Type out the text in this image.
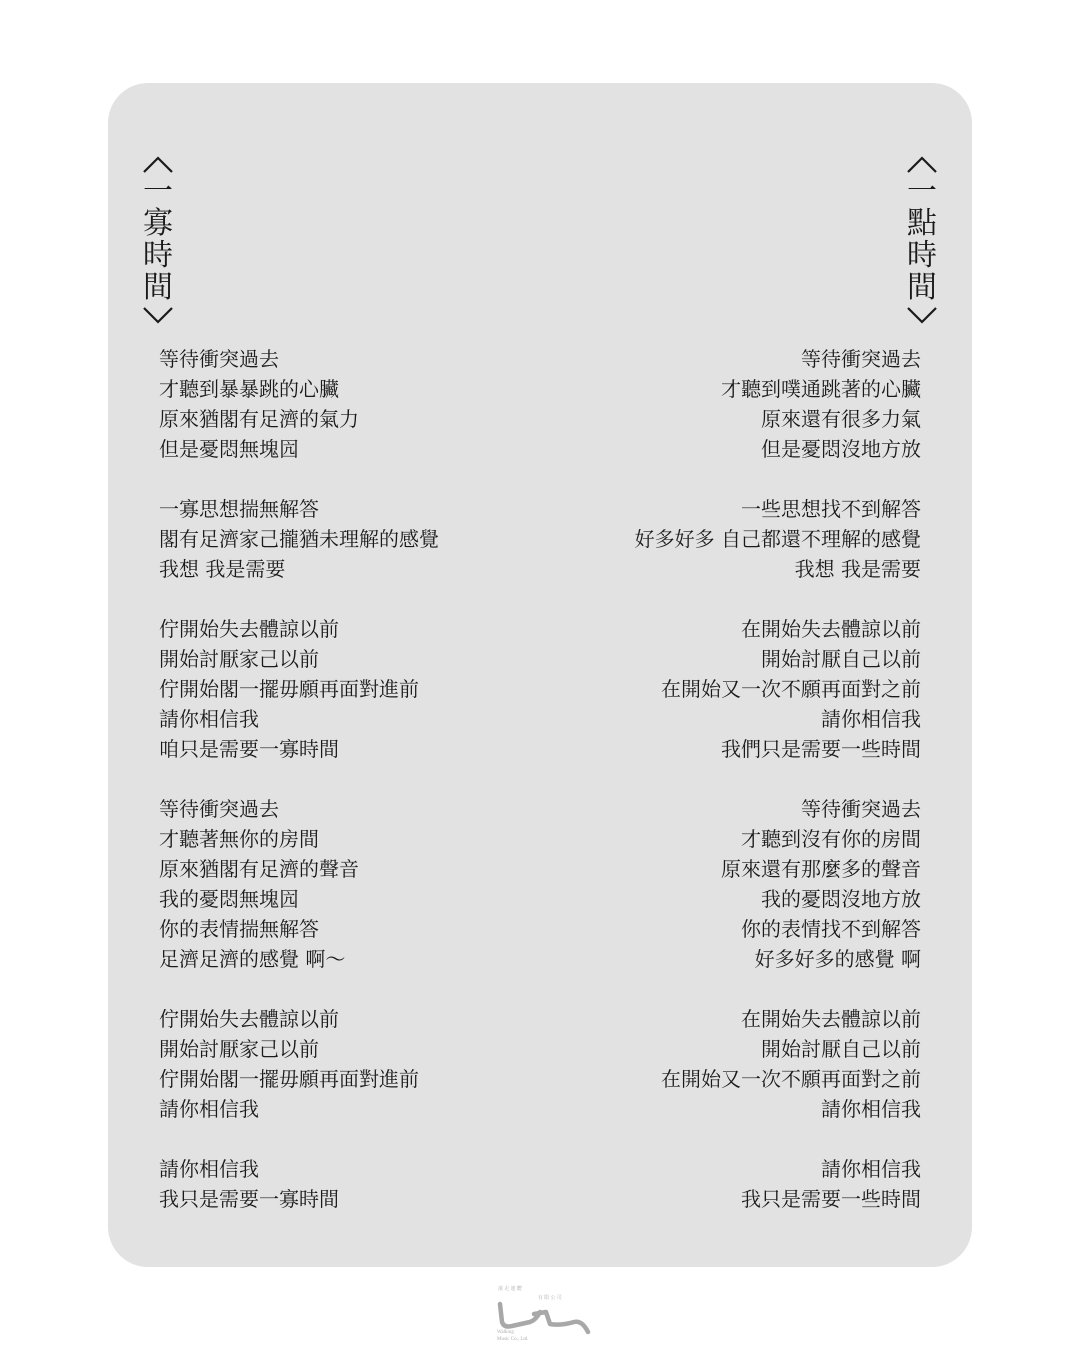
一
寡
時
間
一
點
時
間
等待衝突過去
才聽到暴暴跳的心臟
原來猶閣有足濟的氣力
但是憂悶無塊囥
一寡思想揣無解答
閣有足濟家己攏猶未理解的感覺
我想 我是需要
佇開始失去體諒以前
開始討厭家己以前
佇開始閣一擺毋願再面對進前
請你相信我
咱只是需要一寡時間
等待衝突過去
才聽著無你的房間
原來猶閣有足濟的聲音
我的憂悶無塊囥
你的表情揣無解答
足濟足濟的感覺 啊～
佇開始失去體諒以前
開始討厭家己以前
佇開始閣一擺毋願再面對進前
請你相信我
請你相信我
我只是需要一寡時間
等待衝突過去
才聽到噗通跳著的心臟
原來還有很多力氣
但是憂悶沒地方放
一些思想找不到解答
好多好多 自己都還不理解的感覺
我想 我是需要
在開始失去體諒以前
開始討厭自己以前
在開始又一次不願再面對之前
請你相信我
我們只是需要一些時間
等待衝突過去
才聽到沒有你的房間
原來還有那麼多的聲音
我的憂悶沒地方放
你的表情找不到解答
好多好多的感覺 啊
在開始失去體諒以前
開始討厭自己以前
在開始又一次不願再面對之前
請你相信我
請你相信我
我只是需要一些時間
滾 走 連 醴
有 限 公 司
Walking
Music Co., Ltd.
